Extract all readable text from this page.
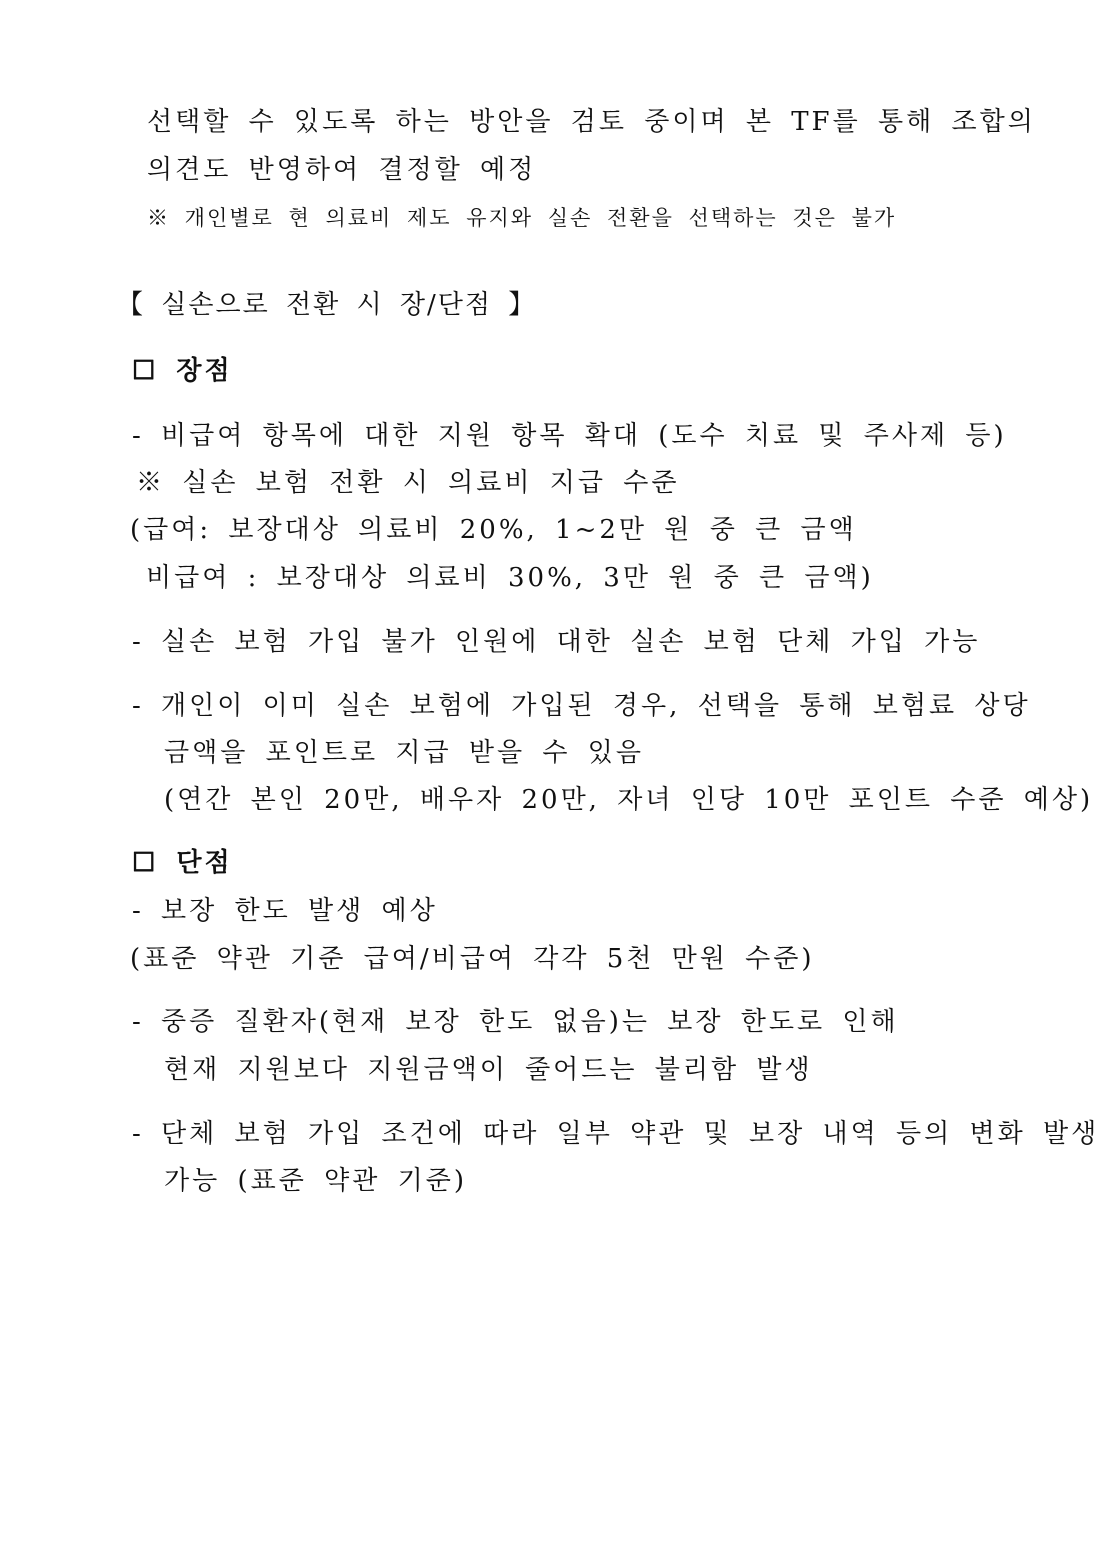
선택할 수 있도록 하는 방안을 검토 중이며 본 TF를 통해 조합의
의견도 반영하여 결정할 예정
※ 개인별로 현 의료비 제도 유지와 실손 전환을 선택하는 것은 불가
【 실손으로 전환 시 장/단점 】
☐ 장점
- 비급여 항목에 대한 지원 항목 확대 (도수 치료 및 주사제 등)
※ 실손 보험 전환 시 의료비 지급 수준
(급여: 보장대상 의료비 20%, 1~2만 원 중 큰 금액
비급여 : 보장대상 의료비 30%, 3만 원 중 큰 금액)
- 실손 보험 가입 불가 인원에 대한 실손 보험 단체 가입 가능
- 개인이 이미 실손 보험에 가입된 경우, 선택을 통해 보험료 상당
금액을 포인트로 지급 받을 수 있음
(연간 본인 20만, 배우자 20만, 자녀 인당 10만 포인트 수준 예상)
☐ 단점
- 보장 한도 발생 예상
(표준 약관 기준 급여/비급여 각각 5천 만원 수준)
- 중증 질환자(현재 보장 한도 없음)는 보장 한도로 인해
현재 지원보다 지원금액이 줄어드는 불리함 발생
- 단체 보험 가입 조건에 따라 일부 약관 및 보장 내역 등의 변화 발생
가능 (표준 약관 기준)
